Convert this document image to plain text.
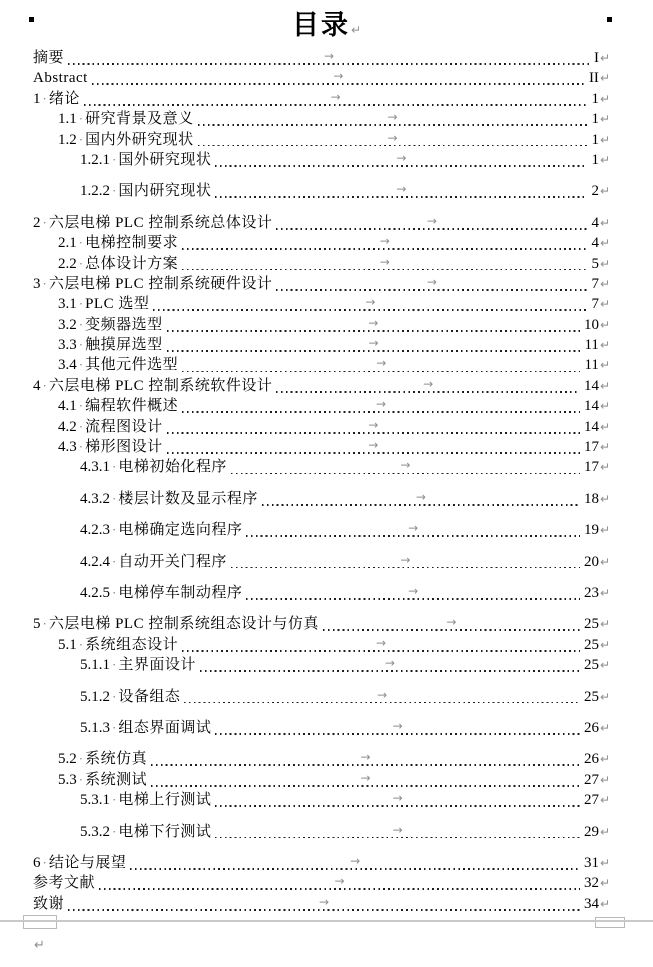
目录↵
摘要	→	I ↵
Abstract	→	II ↵
1 · 绪论	→	1 ↵
1.1 · 研究背景及意义	→	1 ↵
1.2 · 国内外研究现状	→	1 ↵
1.2.1 · 国外研究现状	→	1 ↵
1.2.2 · 国内研究现状	→	2 ↵
2 · 六层电梯 PLC 控制系统总体设计	→	4 ↵
2.1 · 电梯控制要求	→	4 ↵
2.2 · 总体设计方案	→	5 ↵
3 · 六层电梯 PLC 控制系统硬件设计	→	7 ↵
3.1 · PLC 选型	→	7 ↵
3.2 · 变频器选型	→	10 ↵
3.3 · 触摸屏选型	→	11 ↵
3.4 · 其他元件选型	→	11 ↵
4 · 六层电梯 PLC 控制系统软件设计	→	14 ↵
4.1 · 编程软件概述	→	14 ↵
4.2 · 流程图设计	→	14 ↵
4.3 · 梯形图设计	→	17 ↵
4.3.1 · 电梯初始化程序	→	17 ↵
4.3.2 · 楼层计数及显示程序	→	18 ↵
4.2.3 · 电梯确定选向程序	→	19 ↵
4.2.4 · 自动开关门程序	→	20 ↵
4.2.5 · 电梯停车制动程序	→	23 ↵
5 · 六层电梯 PLC 控制系统组态设计与仿真	→	25 ↵
5.1 · 系统组态设计	→	25 ↵
5.1.1 · 主界面设计	→	25 ↵
5.1.2 · 设备组态	→	25 ↵
5.1.3 · 组态界面调试	→	26 ↵
5.2 · 系统仿真	→	26 ↵
5.3 · 系统测试	→	27 ↵
5.3.1 · 电梯上行测试	→	27 ↵
5.3.2 · 电梯下行测试	→	29 ↵
6 · 结论与展望	→	31 ↵
参考文献	→	32 ↵
致谢	→	34 ↵
↵
